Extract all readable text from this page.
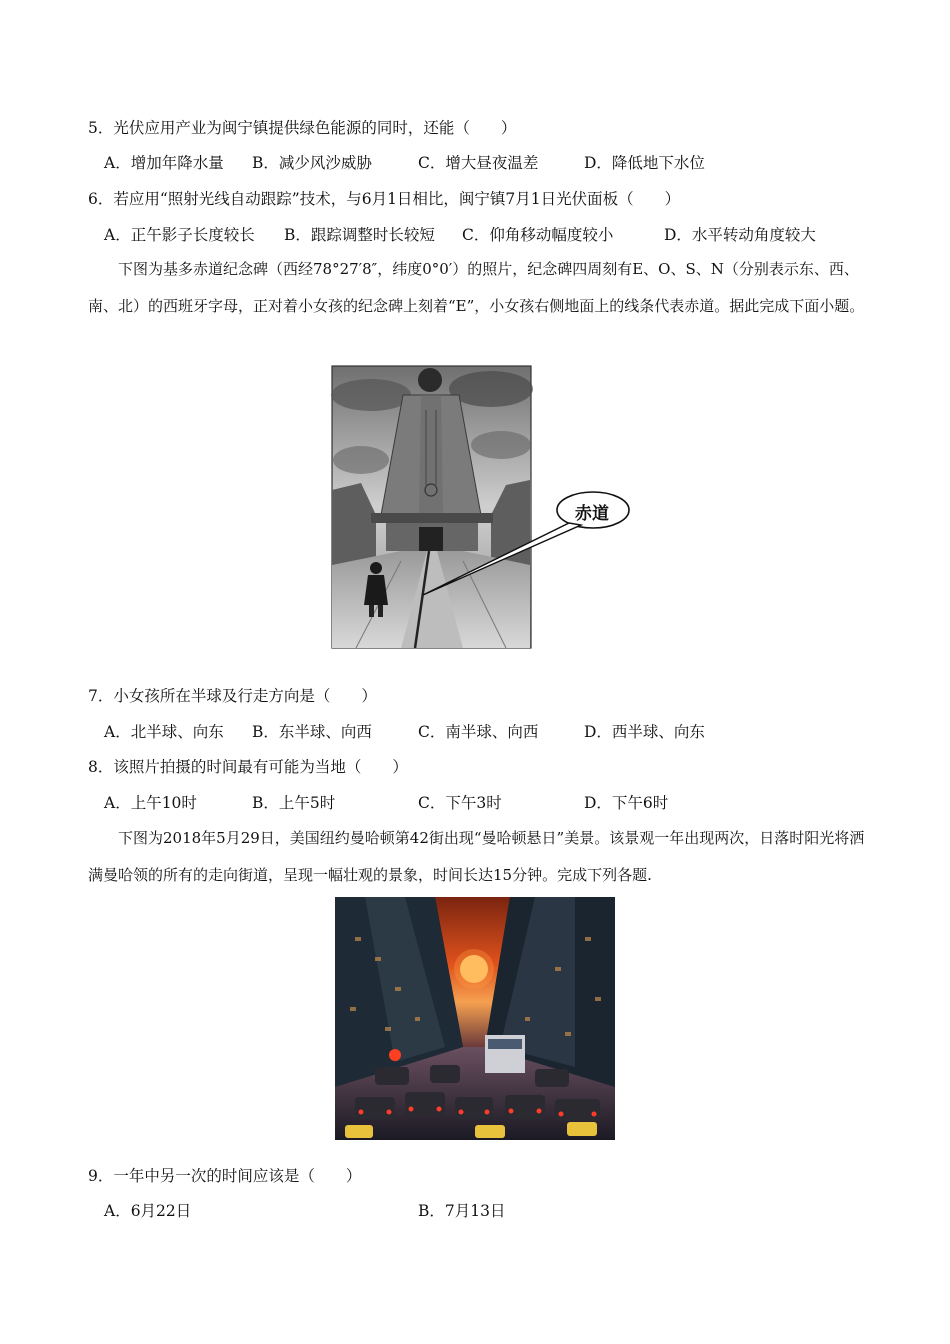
5．光伏应用产业为闽宁镇提供绿色能源的同时，还能（　　）
A．增加年降水量 B．减少风沙威胁	C．增大昼夜温差	D．降低地下水位
6．若应用“照射光线自动跟踪”技术，与6月1日相比，闽宁镇7月1日光伏面板（　　）
A．正午影子长度较长 B．跟踪调整时长较短 C．仰角移动幅度较小	D．水平转动角度较大
下图为基多赤道纪念碑（西经78°27′8″，纬度0°0′）的照片，纪念碑四周刻有E、O、S、N（分别表示东、西、南、北）的西班牙字母，正对着小女孩的纪念碑上刻着“E”，小女孩右侧地面上的线条代表赤道。据此完成下面小题。
赤道
7．小女孩所在半球及行走方向是（　　）
A．北半球、向东 B．东半球、向西	C．南半球、向西	D．西半球、向东
8．该照片拍摄的时间最有可能为当地（　　）
A．上午10时	B．上午5时	C．下午3时	D．下午6时
下图为2018年5月29日，美国纽约曼哈顿第42街出现“曼哈顿悬日”美景。该景观一年出现两次，日落时阳光将洒满曼哈领的所有的走向街道，呈现一幅壮观的景象，时间长达15分钟。完成下列各题.
9．一年中另一次的时间应该是（　　）
A．6月22日	B．7月13日
